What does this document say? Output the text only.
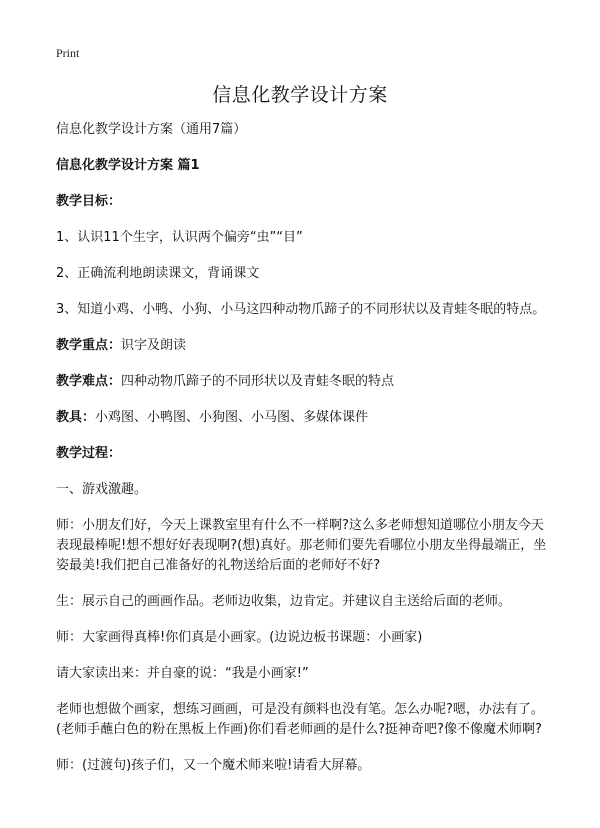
Print
信息化教学设计方案

信息化教学设计方案（通用7篇）

信息化教学设计方案 篇1

教学目标：

1、认识11个生字，认识两个偏旁“虫”“目”

2、正确流利地朗读课文，背诵课文

3、知道小鸡、小鸭、小狗、小马这四种动物爪蹄子的不同形状以及青蛙冬眠的特点。

教学重点：识字及朗读

教学难点：四种动物爪蹄子的不同形状以及青蛙冬眠的特点

教具：小鸡图、小鸭图、小狗图、小马图、多媒体课件

教学过程：

一、游戏激趣。

师：小朋友们好，今天上课教室里有什么不一样啊?这么多老师想知道哪位小朋友今天表现最棒呢!想不想好好表现啊?(想)真好。那老师们要先看哪位小朋友坐得最端正，坐姿最美!我们把自己准备好的礼物送给后面的老师好不好?

生：展示自己的画画作品。老师边收集，边肯定。并建议自主送给后面的老师。

师：大家画得真棒!你们真是小画家。(边说边板书课题：小画家)

请大家读出来：并自豪的说：“我是小画家!”

老师也想做个画家，想练习画画，可是没有颜料也没有笔。怎么办呢?嗯，办法有了。(老师手蘸白色的粉在黑板上作画)你们看老师画的是什么?挺神奇吧?像不像魔术师啊?

师：(过渡句)孩子们，又一个魔术师来啦!请看大屏幕。
